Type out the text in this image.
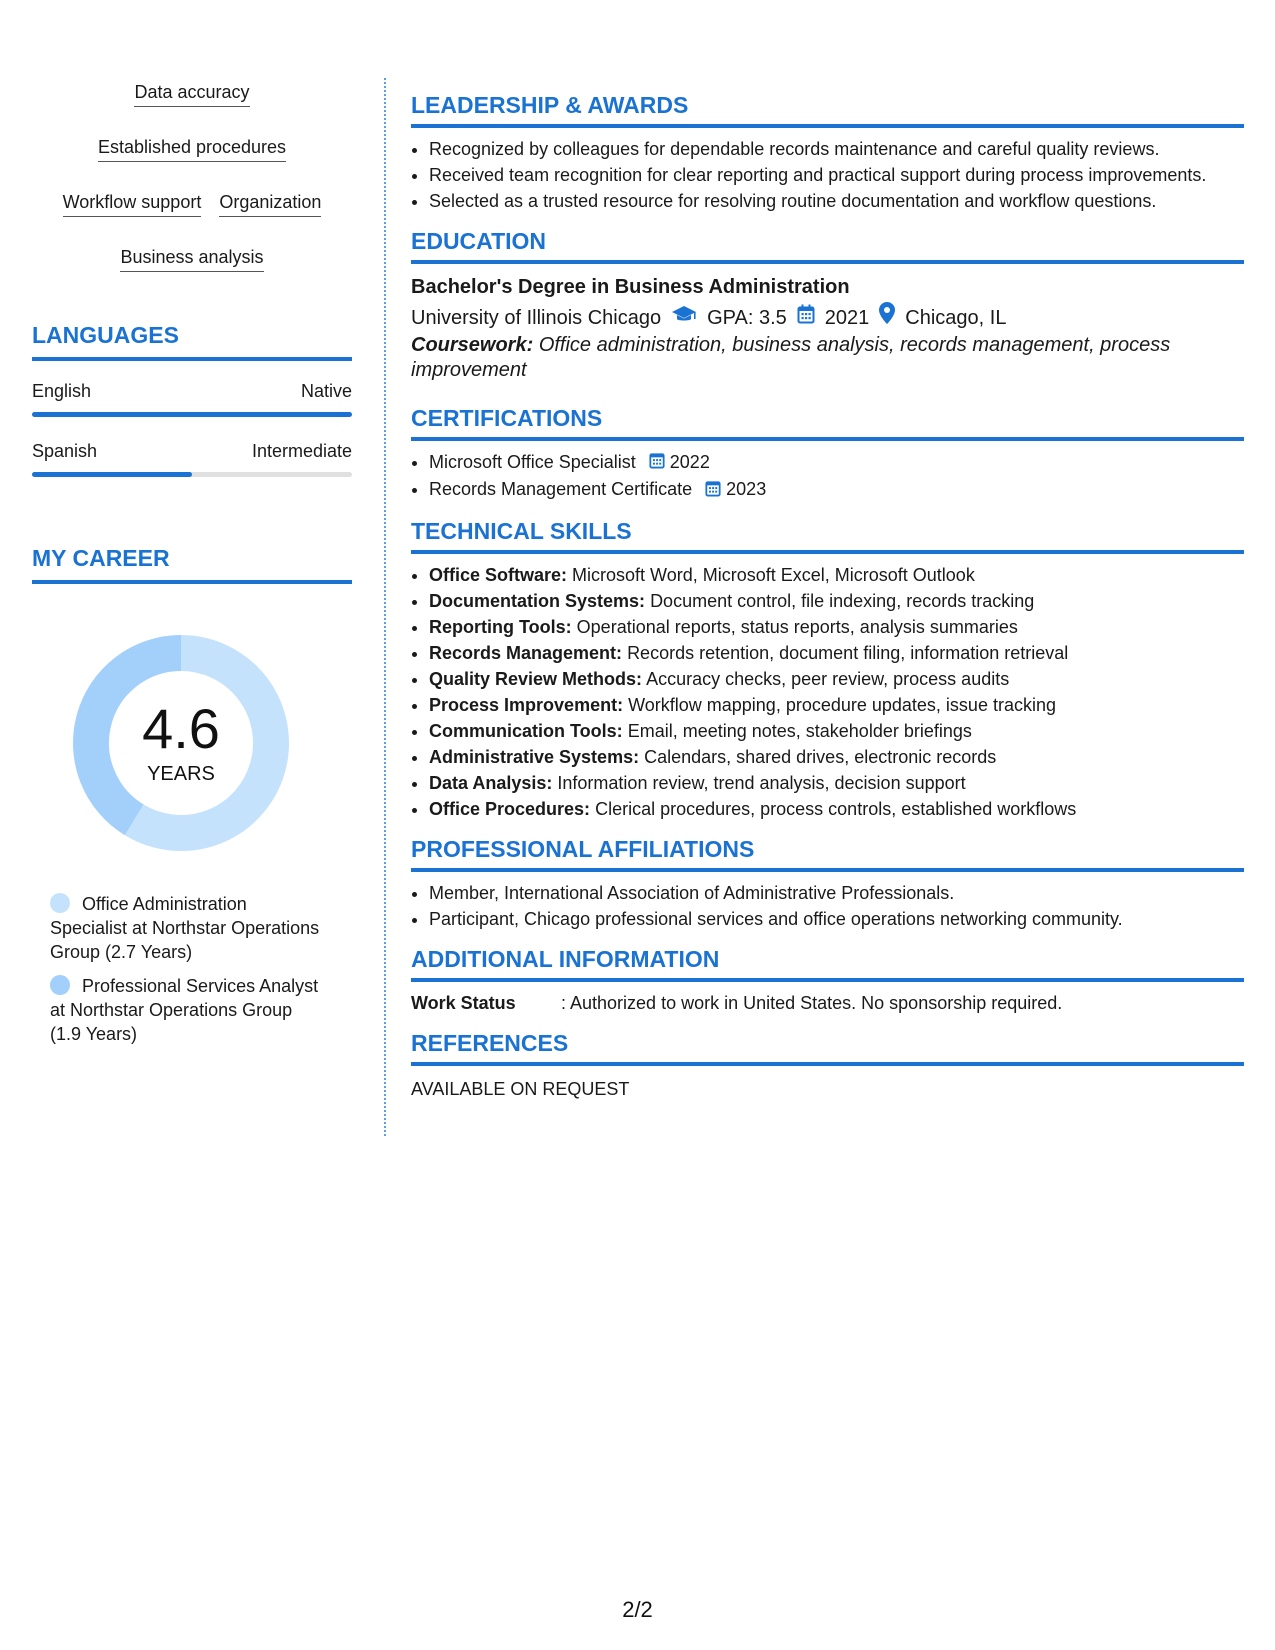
Data accuracy
Established procedures
Workflow support Organization
Business analysis
LANGUAGES
English	Native
Spanish	Intermediate
MY CAREER
4.6
YEARS
Office Administration Specialist at Northstar Operations Group (2.7 Years)
Professional Services Analyst at Northstar Operations Group (1.9 Years)
LEADERSHIP & AWARDS
• Recognized by colleagues for dependable records maintenance and careful quality reviews.
• Received team recognition for clear reporting and practical support during process improvements.
• Selected as a trusted resource for resolving routine documentation and workflow questions.
EDUCATION
Bachelor's Degree in Business Administration
University of Illinois Chicago GPA: 3.5 2021 Chicago, IL
Coursework: Office administration, business analysis, records management, process improvement
CERTIFICATIONS
• Microsoft Office Specialist 2022
• Records Management Certificate 2023
TECHNICAL SKILLS
• Office Software: Microsoft Word, Microsoft Excel, Microsoft Outlook
• Documentation Systems: Document control, file indexing, records tracking
• Reporting Tools: Operational reports, status reports, analysis summaries
• Records Management: Records retention, document filing, information retrieval
• Quality Review Methods: Accuracy checks, peer review, process audits
• Process Improvement: Workflow mapping, procedure updates, issue tracking
• Communication Tools: Email, meeting notes, stakeholder briefings
• Administrative Systems: Calendars, shared drives, electronic records
• Data Analysis: Information review, trend analysis, decision support
• Office Procedures: Clerical procedures, process controls, established workflows
PROFESSIONAL AFFILIATIONS
• Member, International Association of Administrative Professionals.
• Participant, Chicago professional services and office operations networking community.
ADDITIONAL INFORMATION
Work Status	: Authorized to work in United States. No sponsorship required.
REFERENCES
AVAILABLE ON REQUEST
2/2
